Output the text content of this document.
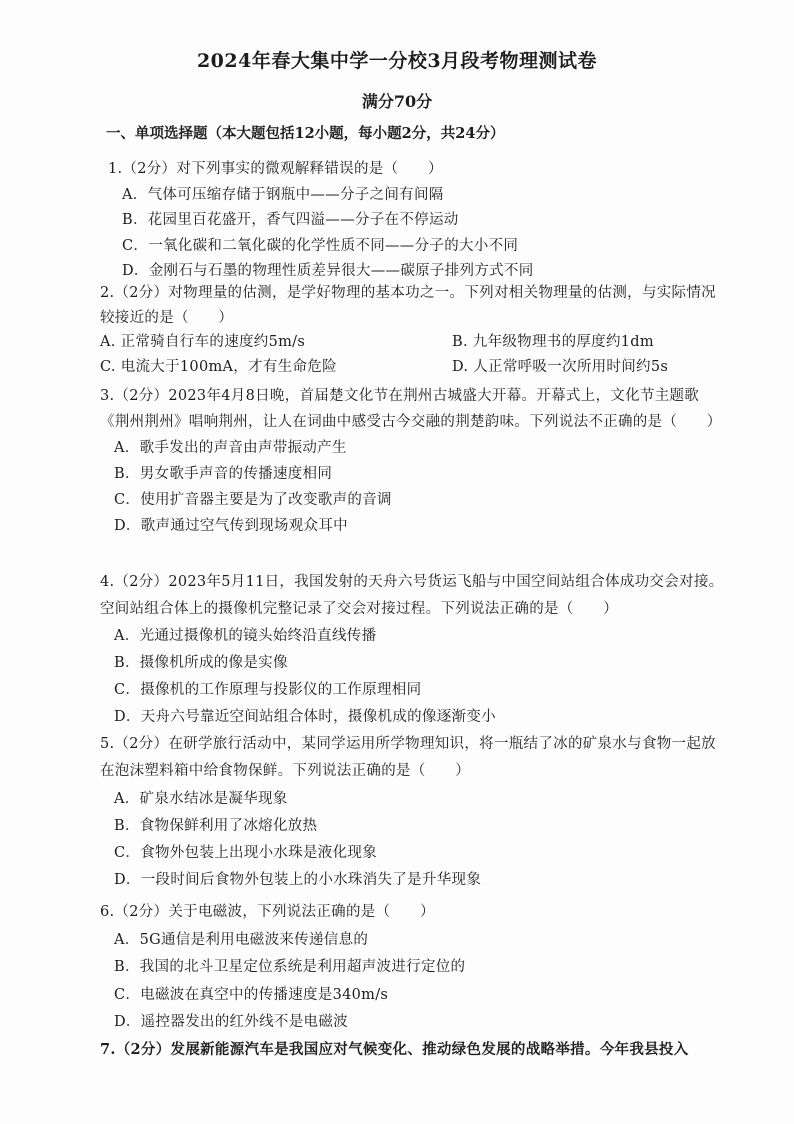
2024年春大集中学一分校3月段考物理测试卷
满分70分
一、单项选择题（本大题包括12小题，每小题2分，共24分）
1.（2分）对下列事实的微观解释错误的是（　　）
A．气体可压缩存储于钢瓶中——分子之间有间隔
B．花园里百花盛开，香气四溢——分子在不停运动
C．一氧化碳和二氧化碳的化学性质不同——分子的大小不同
D．金刚石与石墨的物理性质差异很大——碳原子排列方式不同
2.（2分）对物理量的估测，是学好物理的基本功之一。下列对相关物理量的估测，与实际情况较接近的是（　　）
A. 正常骑自行车的速度约5m/s	B. 九年级物理书的厚度约1dm
C. 电流大于100mA，才有生命危险	D. 人正常呼吸一次所用时间约5s
3.（2分）2023年4月8日晚，首届楚文化节在荆州古城盛大开幕。开幕式上，文化节主题歌《荆州荆州》唱响荆州，让人在词曲中感受古今交融的荆楚韵味。下列说法不正确的是（　　）
A．歌手发出的声音由声带振动产生
B．男女歌手声音的传播速度相同
C．使用扩音器主要是为了改变歌声的音调
D．歌声通过空气传到现场观众耳中
4.（2分）2023年5月11日，我国发射的天舟六号货运飞船与中国空间站组合体成功交会对接。空间站组合体上的摄像机完整记录了交会对接过程。下列说法正确的是（　　）
A．光通过摄像机的镜头始终沿直线传播
B．摄像机所成的像是实像
C．摄像机的工作原理与投影仪的工作原理相同
D．天舟六号靠近空间站组合体时，摄像机成的像逐渐变小
5.（2分）在研学旅行活动中，某同学运用所学物理知识，将一瓶结了冰的矿泉水与食物一起放在泡沫塑料箱中给食物保鲜。下列说法正确的是（　　）
A．矿泉水结冰是凝华现象
B．食物保鲜利用了冰熔化放热
C．食物外包装上出现小水珠是液化现象
D．一段时间后食物外包装上的小水珠消失了是升华现象
6.（2分）关于电磁波，下列说法正确的是（　　）
A．5G通信是利用电磁波来传递信息的
B．我国的北斗卫星定位系统是利用超声波进行定位的
C．电磁波在真空中的传播速度是340m/s
D．遥控器发出的红外线不是电磁波
7.（2分）发展新能源汽车是我国应对气候变化、推动绿色发展的战略举措。今年我县投入
